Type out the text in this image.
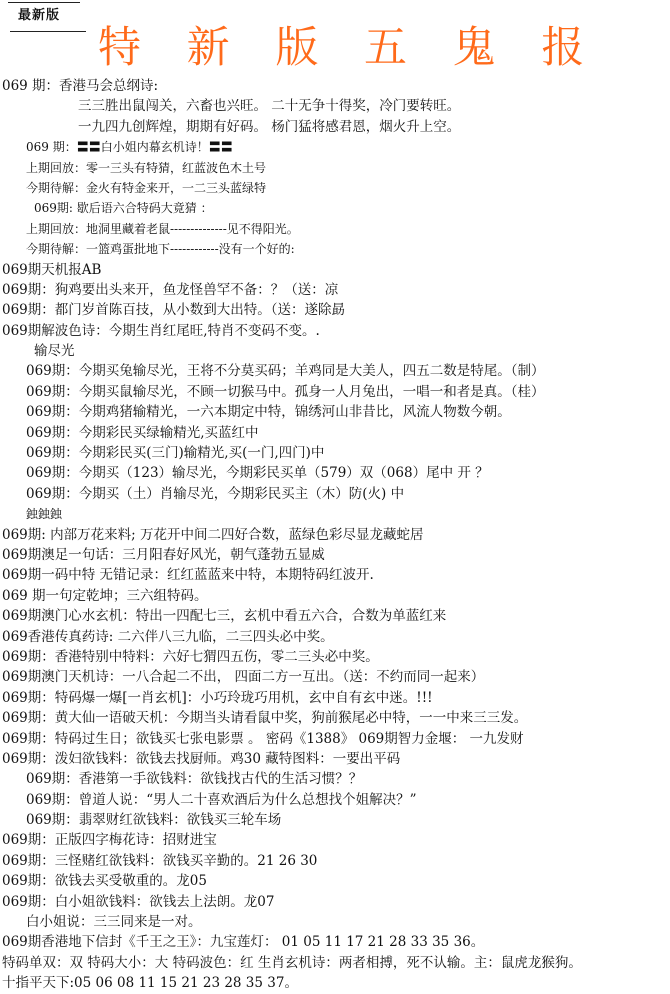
最新版
特 新 版 五 鬼 报
069 期：香港马会总纲诗:
三三胜出鼠闯关，六畜也兴旺。 二十无争十得奖，冷门要转旺。
一九四九创辉煌，期期有好码。 杨门猛将感君恩，烟火升上空。
069 期：〓〓白小姐内幕玄机诗！〓〓
上期回放：零一三头有特猜，红蓝波色木土号
今期待解：金火有特金来开，一二三头蓝绿特
069期: 歇后语六合特码大竟猜 ：
上期回放：地洞里藏着老鼠--------------见不得阳光。
今期待解：一篮鸡蛋批地下------------没有一个好的:
069期天机报AB
069期：狗鸡要出头来开，鱼龙怪兽罕不备：？（送：凉
069期：都门岁首陈百技，从小数到大出特。（送：遂除勗
069期解波色诗：今期生肖红尾旺,特肖不变码不变。.
输尽光
069期：今期买兔输尽光，王将不分莫买码；羊鸡同是大美人，四五二数是特尾。（制）
069期：今期买鼠输尽光，不顾一切猴马中。孤身一人月兔出，一唱一和者是真。（桂）
069期：今期鸡猪输精光，一六本期定中特，锦绣河山非昔比，风流人物数今朝。
069期：今期彩民买绿输精光,买蓝红中
069期：今期彩民买(三门)输精光,买(一门,四门)中
069期：今期买（123）输尽光，今期彩民买单（579）双（068）尾中 开 ？
069期：今期买（土）肖输尽光，今期彩民买主（木）防(火) 中
鉵鉵鉵
069期: 内部万花来料; 万花开中间二四好合数，蓝绿色彩尽显龙藏蛇居
069期澳足一句话：三月阳春好风光，朝气蓬勃五显威
069期一码中特 无错记录：红红蓝蓝来中特，本期特码红波开.
069 期一句定乾坤；三六组特码。
069期澳门心水玄机：特出一四配七三，玄机中看五六合，合数为单蓝红来
069香港传真药诗: 二六伴八三九临，二三四头必中奖。
069期：香港特别中特料：六好七猬四五伤，零二三头必中奖。
069期澳门天机诗：一八合起二不出， 四面二方一互出。（送：不约而同一起来）
069期：特码爆一爆[一肖玄机]：小巧玲珑巧用机，玄中自有玄中迷。!!!
069期：黄大仙一语破天机：今期当头请看鼠中奖，狗前猴尾必中特，一一中来三三发。
069期：特码过生日；欲钱买七张电影票 。 密码《1388》 069期智力金堰： 一九发财
069期：泼妇欲钱料：欲钱去找厨师。鸡30 藏特图料：一要出平码
069期：香港第一手欲钱料：欲钱找古代的生活习惯？？
069期：曾道人说：“男人二十喜欢酒后为什么总想找个姐解决？”
069期：翡翠财红欲钱料：欲钱买三轮车场
069期：正版四字梅花诗：招财进宝
069期：三怪赌红欲钱料：欲钱买辛勤的。21 26 30
069期：欲钱去买受敬重的。龙05
069期：白小姐欲钱料：欲钱去上法朗。龙07
白小姐说：三三同来是一对。
069期香港地下信封《千王之王》：九宝莲灯： 01 05 11 17 21 28 33 35 36。
特码单双：双 特码大小：大 特码波色：红 生肖玄机诗：两者相搏，死不认输。主：鼠虎龙猴狗。
十指平天下:05 06 08 11 15 21 23 28 35 37。
